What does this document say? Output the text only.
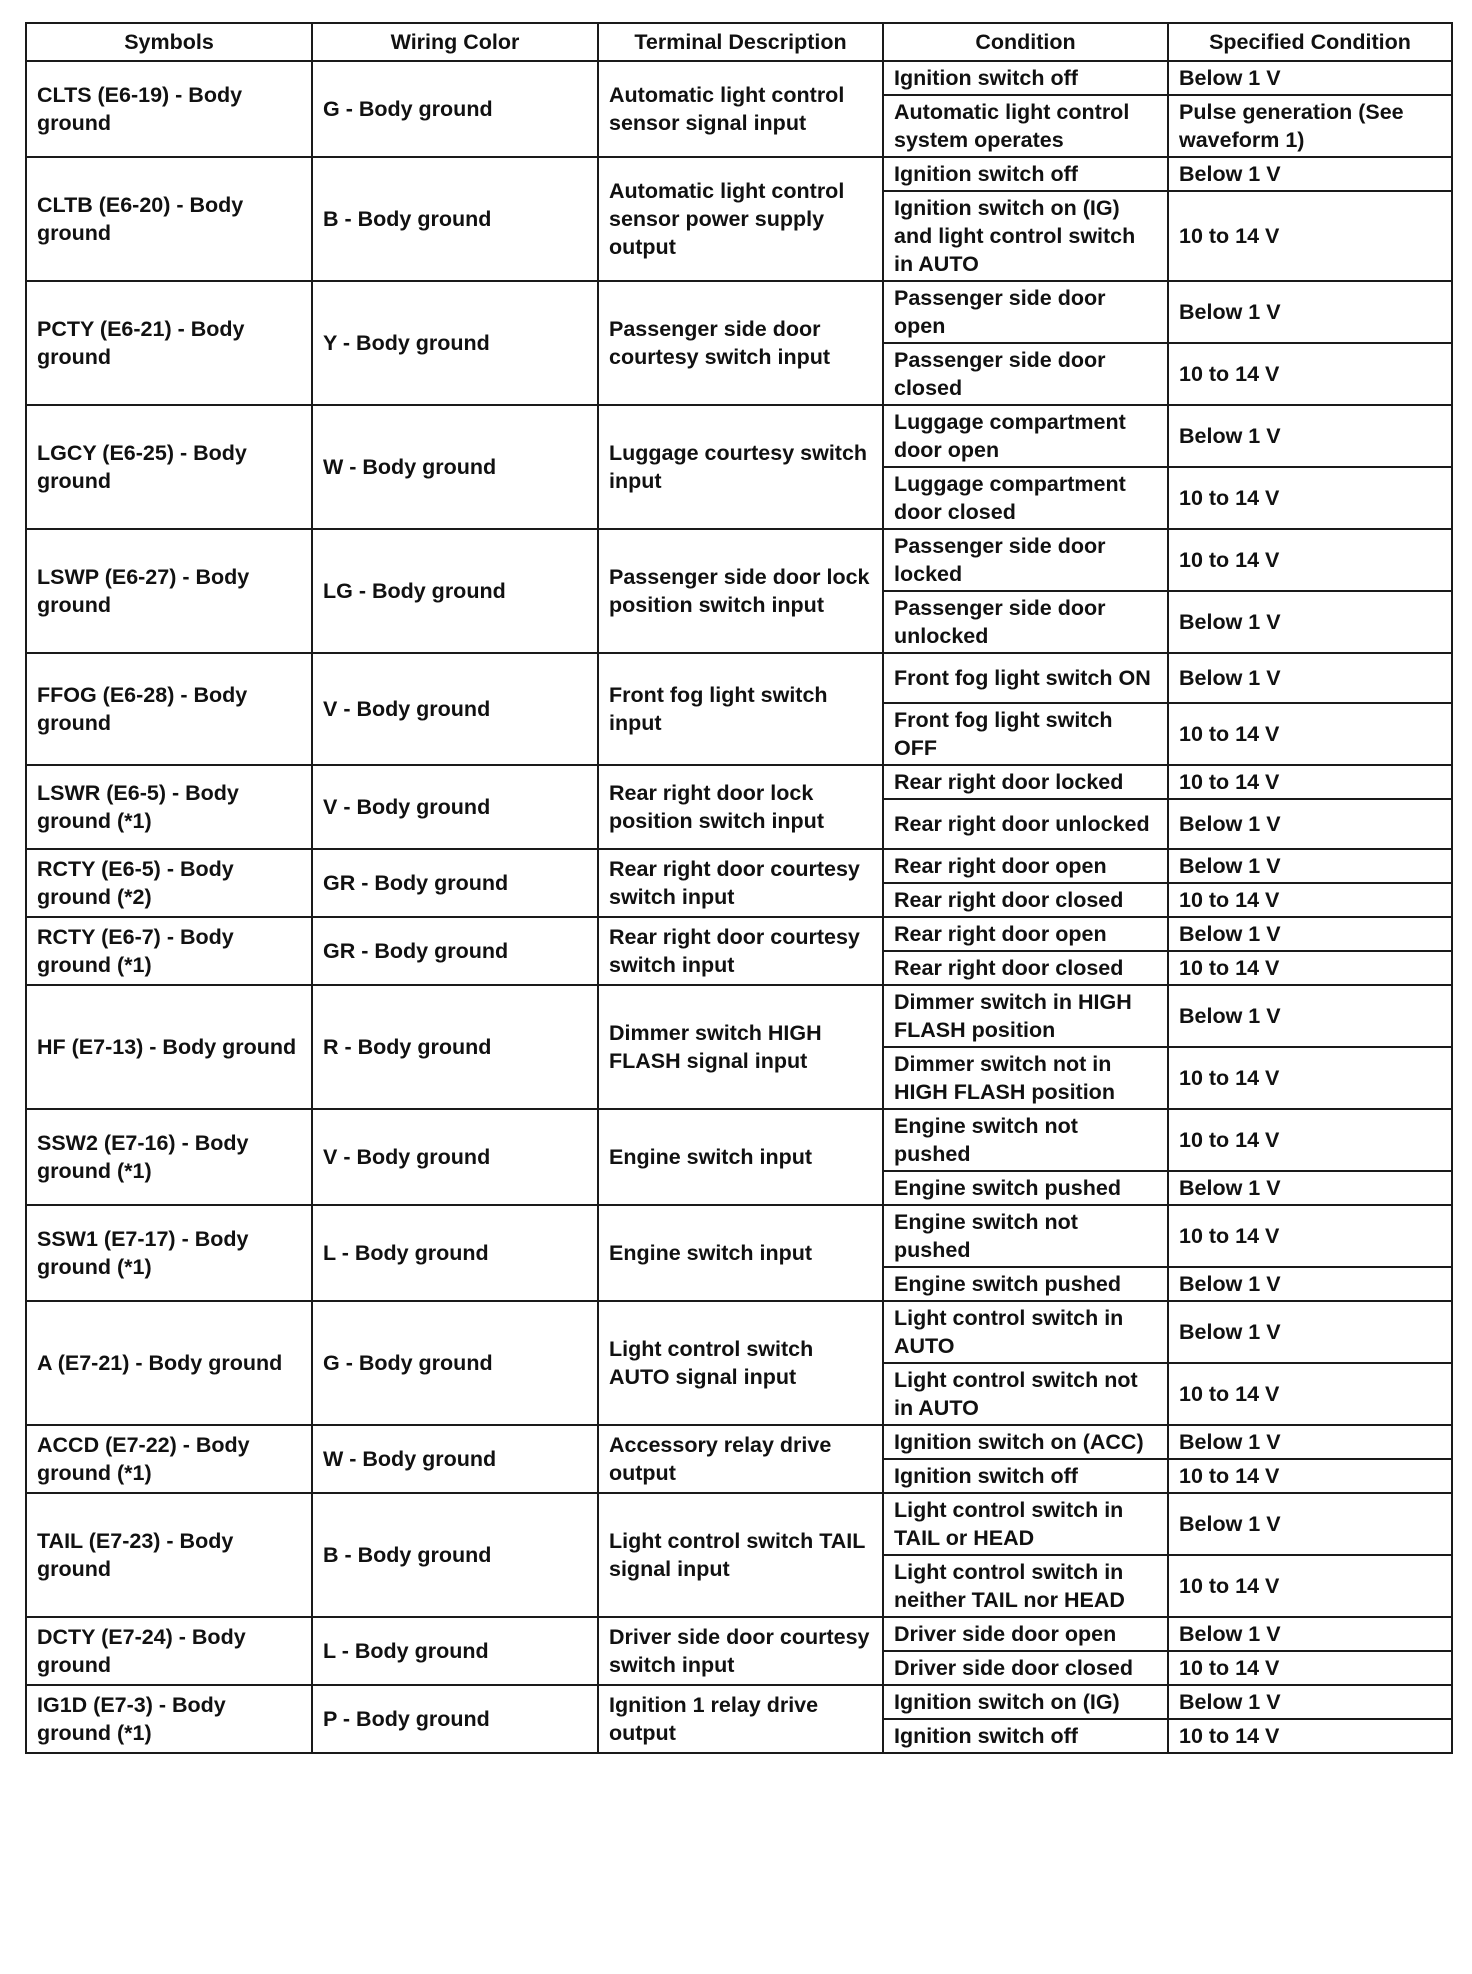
Symbols	Wiring Color	Terminal Description	Condition	Specified Condition
CLTS (E6-19) - Body ground	G - Body ground	Automatic light control sensor signal input	Ignition switch off	Below 1 V
			Automatic light control system operates	Pulse generation (See waveform 1)
CLTB (E6-20) - Body ground	B - Body ground	Automatic light control sensor power supply output	Ignition switch off	Below 1 V
			Ignition switch on (IG) and light control switch in AUTO	10 to 14 V
PCTY (E6-21) - Body ground	Y - Body ground	Passenger side door courtesy switch input	Passenger side door open	Below 1 V
			Passenger side door closed	10 to 14 V
LGCY (E6-25) - Body ground	W - Body ground	Luggage courtesy switch input	Luggage compartment door open	Below 1 V
			Luggage compartment door closed	10 to 14 V
LSWP (E6-27) - Body ground	LG - Body ground	Passenger side door lock position switch input	Passenger side door locked	10 to 14 V
			Passenger side door unlocked	Below 1 V
FFOG (E6-28) - Body ground	V - Body ground	Front fog light switch input	Front fog light switch ON	Below 1 V
			Front fog light switch OFF	10 to 14 V
LSWR (E6-5) - Body ground (*1)	V - Body ground	Rear right door lock position switch input	Rear right door locked	10 to 14 V
			Rear right door unlocked	Below 1 V
RCTY (E6-5) - Body ground (*2)	GR - Body ground	Rear right door courtesy switch input	Rear right door open	Below 1 V
			Rear right door closed	10 to 14 V
RCTY (E6-7) - Body ground (*1)	GR - Body ground	Rear right door courtesy switch input	Rear right door open	Below 1 V
			Rear right door closed	10 to 14 V
HF (E7-13) - Body ground	R - Body ground	Dimmer switch HIGH FLASH signal input	Dimmer switch in HIGH FLASH position	Below 1 V
			Dimmer switch not in HIGH FLASH position	10 to 14 V
SSW2 (E7-16) - Body ground (*1)	V - Body ground	Engine switch input	Engine switch not pushed	10 to 14 V
			Engine switch pushed	Below 1 V
SSW1 (E7-17) - Body ground (*1)	L - Body ground	Engine switch input	Engine switch not pushed	10 to 14 V
			Engine switch pushed	Below 1 V
A (E7-21) - Body ground	G - Body ground	Light control switch AUTO signal input	Light control switch in AUTO	Below 1 V
			Light control switch not in AUTO	10 to 14 V
ACCD (E7-22) - Body ground (*1)	W - Body ground	Accessory relay drive output	Ignition switch on (ACC)	Below 1 V
			Ignition switch off	10 to 14 V
TAIL (E7-23) - Body ground	B - Body ground	Light control switch TAIL signal input	Light control switch in TAIL or HEAD	Below 1 V
			Light control switch in neither TAIL nor HEAD	10 to 14 V
DCTY (E7-24) - Body ground	L - Body ground	Driver side door courtesy switch input	Driver side door open	Below 1 V
			Driver side door closed	10 to 14 V
IG1D (E7-3) - Body ground (*1)	P - Body ground	Ignition 1 relay drive output	Ignition switch on (IG)	Below 1 V
			Ignition switch off	10 to 14 V
